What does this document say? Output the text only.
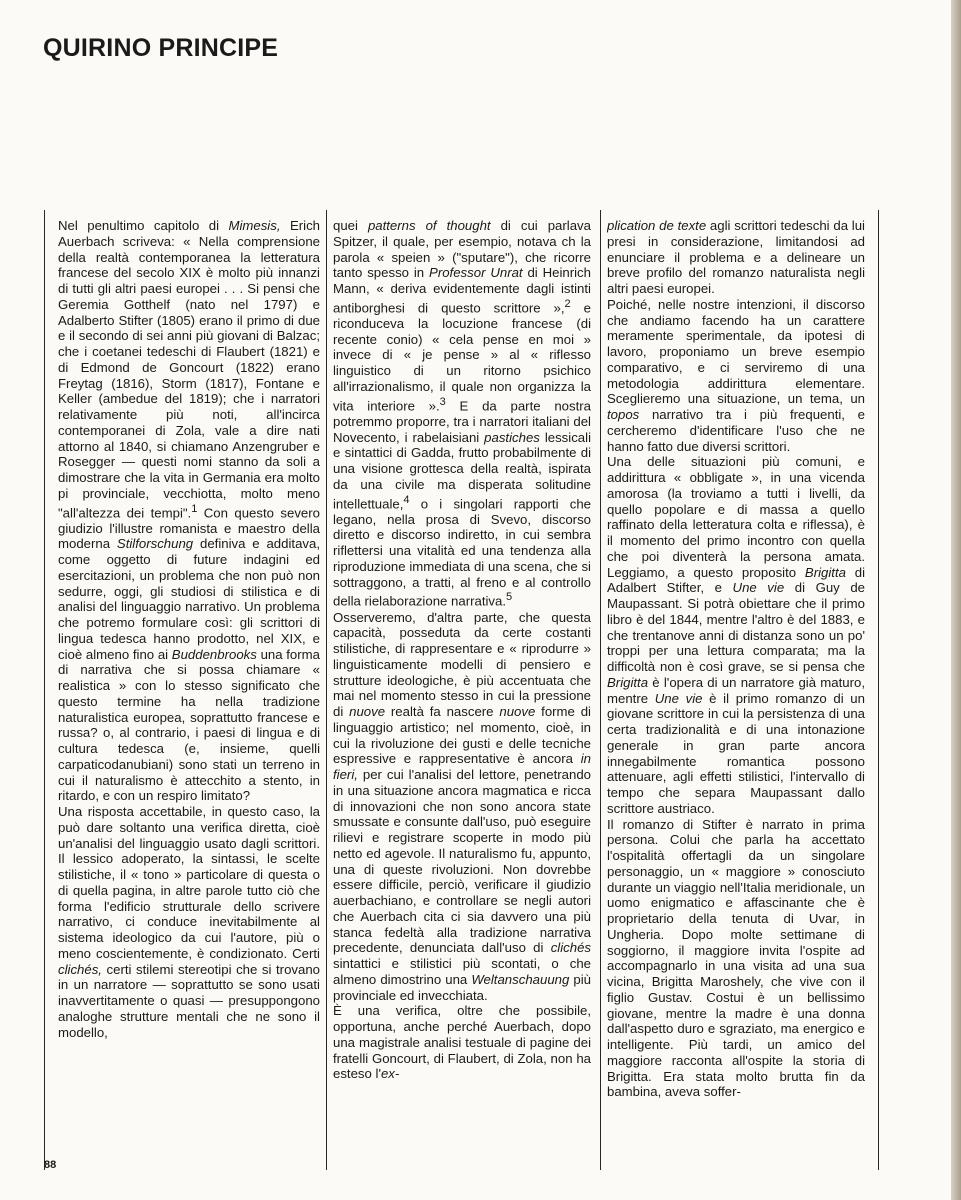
QUIRINO PRINCIPE

Nel penultimo capitolo di Mimesis, Erich Auerbach scriveva: « Nella comprensione della realtà contemporanea la letteratura francese del secolo XIX è molto più innanzi di tutti gli altri paesi europei . . . Si pensi che Geremia Gotthelf (nato nel 1797) e Adalberto Stifter (1805) erano il primo di due e il secondo di sei anni più giovani di Balzac; che i coetanei tedeschi di Flaubert (1821) e di Edmond de Goncourt (1822) erano Freytag (1816), Storm (1817), Fontane e Keller (ambedue del 1819); che i narratori relativamente più noti, all'incirca contemporanei di Zola, vale a dire nati attorno al 1840, si chiamano Anzengruber e Rosegger — questi nomi stanno da soli a dimostrare che la vita in Germania era molto pi provinciale, vecchiotta, molto meno "all'altezza dei tempi".$^1$ Con questo severo giudizio l'illustre romanista e maestro della moderna Stilforschung definiva e additava, come oggetto di future indagini ed esercitazioni, un problema che non può non sedurre, oggi, gli studiosi di stilistica e di analisi del linguaggio narrativo. Un problema che potremo formulare così: gli scrittori di lingua tedesca hanno prodotto, nel XIX, e cioè almeno fino ai Buddenbrooks una forma di narrativa che si possa chiamare « realistica » con lo stesso significato che questo termine ha nella tradizione naturalistica europea, soprattutto francese e russa? o, al contrario, i paesi di lingua e di cultura tedesca (e, insieme, quelli carpaticodanubiani) sono stati un terreno in cui il naturalismo è attecchito a stento, in ritardo, e con un respiro limitato?

Una risposta accettabile, in questo caso, la può dare soltanto una verifica diretta, cioè un'analisi del linguaggio usato dagli scrittori. Il lessico adoperato, la sintassi, le scelte stilistiche, il « tono » particolare di questa o di quella pagina, in altre parole tutto ciò che forma l'edificio strutturale dello scrivere narrativo, ci conduce inevitabilmente al sistema ideologico da cui l'autore, più o meno coscientemente, è condizionato. Certi clichés, certi stilemi stereotipi che si trovano in un narratore — soprattutto se sono usati inavvertitamente o quasi — presuppongono analoghe strutture mentali che ne sono il modello,

quei patterns of thought di cui parlava Spitzer, il quale, per esempio, notava ch la parola « speien » ("sputare"), che ricorre tanto spesso in Professor Unrat di Heinrich Mann, « deriva evidentemente dagli istinti antiborghesi di questo scrittore »,$^2$ e riconduceva la locuzione francese (di recente conio) « cela pense en moi » invece di « je pense » al « riflesso linguistico di un ritorno psichico all'irrazionalismo, il quale non organizza la vita interiore ».$^3$ E da parte nostra potremmo proporre, tra i narratori italiani del Novecento, i rabelaisiani pastiches lessicali e sintattici di Gadda, frutto probabilmente di una visione grottesca della realtà, ispirata da una civile ma disperata solitudine intellettuale,$^4$ o i singolari rapporti che legano, nella prosa di Svevo, discorso diretto e discorso indiretto, in cui sembra riflettersi una vitalità ed una tendenza alla riproduzione immediata di una scena, che si sottraggono, a tratti, al freno e al controllo della rielaborazione narrativa.$^5$

Osserveremo, d'altra parte, che questa capacità, posseduta da certe costanti stilistiche, di rappresentare e « riprodurre » linguisticamente modelli di pensiero e strutture ideologiche, è più accentuata che mai nel momento stesso in cui la pressione di nuove realtà fa nascere nuove forme di linguaggio artistico; nel momento, cioè, in cui la rivoluzione dei gusti e delle tecniche espressive e rappresentative è ancora in fieri, per cui l'analisi del lettore, penetrando in una situazione ancora magmatica e ricca di innovazioni che non sono ancora state smussate e consunte dall'uso, può eseguire rilievi e registrare scoperte in modo più netto ed agevole. Il naturalismo fu, appunto, una di queste rivoluzioni. Non dovrebbe essere difficile, perciò, verificare il giudizio auerbachiano, e controllare se negli autori che Auerbach cita ci sia davvero una più stanca fedeltà alla tradizione narrativa precedente, denunciata dall'uso di clichés sintattici e stilistici più scontati, o che almeno dimostrino una Weltanschauung più provinciale ed invecchiata.

È una verifica, oltre che possibile, opportuna, anche perché Auerbach, dopo una magistrale analisi testuale di pagine dei fratelli Goncourt, di Flaubert, di Zola, non ha esteso l'ex-

plication de texte agli scrittori tedeschi da lui presi in considerazione, limitandosi ad enunciare il problema e a delineare un breve profilo del romanzo naturalista negli altri paesi europei.

Poiché, nelle nostre intenzioni, il discorso che andiamo facendo ha un carattere meramente sperimentale, da ipotesi di lavoro, proponiamo un breve esempio comparativo, e ci serviremo di una metodologia addirittura elementare. Sceglieremo una situazione, un tema, un topos narrativo tra i più frequenti, e cercheremo d'identificare l'uso che ne hanno fatto due diversi scrittori.

Una delle situazioni più comuni, e addirittura « obbligate », in una vicenda amorosa (la troviamo a tutti i livelli, da quello popolare e di massa a quello raffinato della letteratura colta e riflessa), è il momento del primo incontro con quella che poi diventerà la persona amata. Leggiamo, a questo proposito Brigitta di Adalbert Stifter, e Une vie di Guy de Maupassant. Si potrà obiettare che il primo libro è del 1844, mentre l'altro è del 1883, e che trentanove anni di distanza sono un po' troppi per una lettura comparata; ma la difficoltà non è così grave, se si pensa che Brigitta è l'opera di un narratore già maturo, mentre Une vie è il primo romanzo di un giovane scrittore in cui la persistenza di una certa tradizionalità e di una intonazione generale in gran parte ancora innegabilmente romantica possono attenuare, agli effetti stilistici, l'intervallo di tempo che separa Maupassant dallo scrittore austriaco.

Il romanzo di Stifter è narrato in prima persona. Colui che parla ha accettato l'ospitalità offertagli da un singolare personaggio, un « maggiore » conosciuto durante un viaggio nell'Italia meridionale, un uomo enigmatico e affascinante che è proprietario della tenuta di Uvar, in Ungheria. Dopo molte settimane di soggiorno, il maggiore invita l'ospite ad accompagnarlo in una visita ad una sua vicina, Brigitta Maroshely, che vive con il figlio Gustav. Costui è un bellissimo giovane, mentre la madre è una donna dall'aspetto duro e sgraziato, ma energico e intelligente. Più tardi, un amico del maggiore racconta all'ospite la storia di Brigitta. Era stata molto brutta fin da bambina, aveva soffer-

88
